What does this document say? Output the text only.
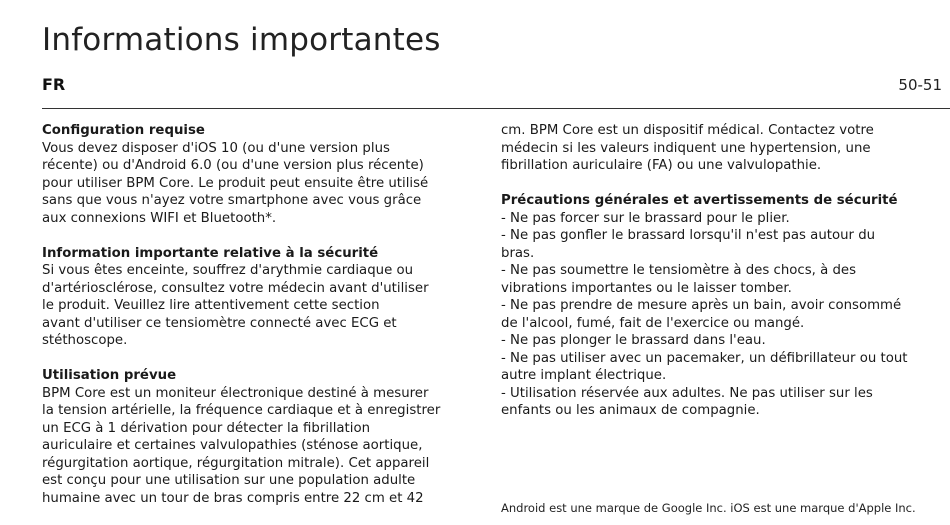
Informations importantes
FR	50-51
Configuration requise

Vous devez disposer d'iOS 10 (ou d'une version plus
récente) ou d'Android 6.0 (ou d'une version plus récente)
pour utiliser BPM Core. Le produit peut ensuite être utilisé
sans que vous n'ayez votre smartphone avec vous grâce
aux connexions WIFI et Bluetooth*.

Information importante relative à la sécurité

Si vous êtes enceinte, souffrez d'arythmie cardiaque ou
d'artériosclérose, consultez votre médecin avant d'utiliser
le produit. Veuillez lire attentivement cette section
avant d'utiliser ce tensiomètre connecté avec ECG et
stéthoscope.

Utilisation prévue

BPM Core est un moniteur électronique destiné à mesurer
la tension artérielle, la fréquence cardiaque et à enregistrer
un ECG à 1 dérivation pour détecter la fibrillation
auriculaire et certaines valvulopathies (sténose aortique,
régurgitation aortique, régurgitation mitrale). Cet appareil
est conçu pour une utilisation sur une population adulte
humaine avec un tour de bras compris entre 22 cm et 42

cm. BPM Core est un dispositif médical. Contactez votre
médecin si les valeurs indiquent une hypertension, une
fibrillation auriculaire (FA) ou une valvulopathie.

Précautions générales et avertissements de sécurité
- Ne pas forcer sur le brassard pour le plier.
- Ne pas gonfler le brassard lorsqu'il n'est pas autour du
bras.
- Ne pas soumettre le tensiomètre à des chocs, à des
vibrations importantes ou le laisser tomber.
- Ne pas prendre de mesure après un bain, avoir consommé
de l'alcool, fumé, fait de l'exercice ou mangé.
- Ne pas plonger le brassard dans l'eau.
- Ne pas utiliser avec un pacemaker, un défibrillateur ou tout
autre implant électrique.
- Utilisation réservée aux adultes. Ne pas utiliser sur les
enfants ou les animaux de compagnie.
Android est une marque de Google Inc. iOS est une marque d'Apple Inc.
